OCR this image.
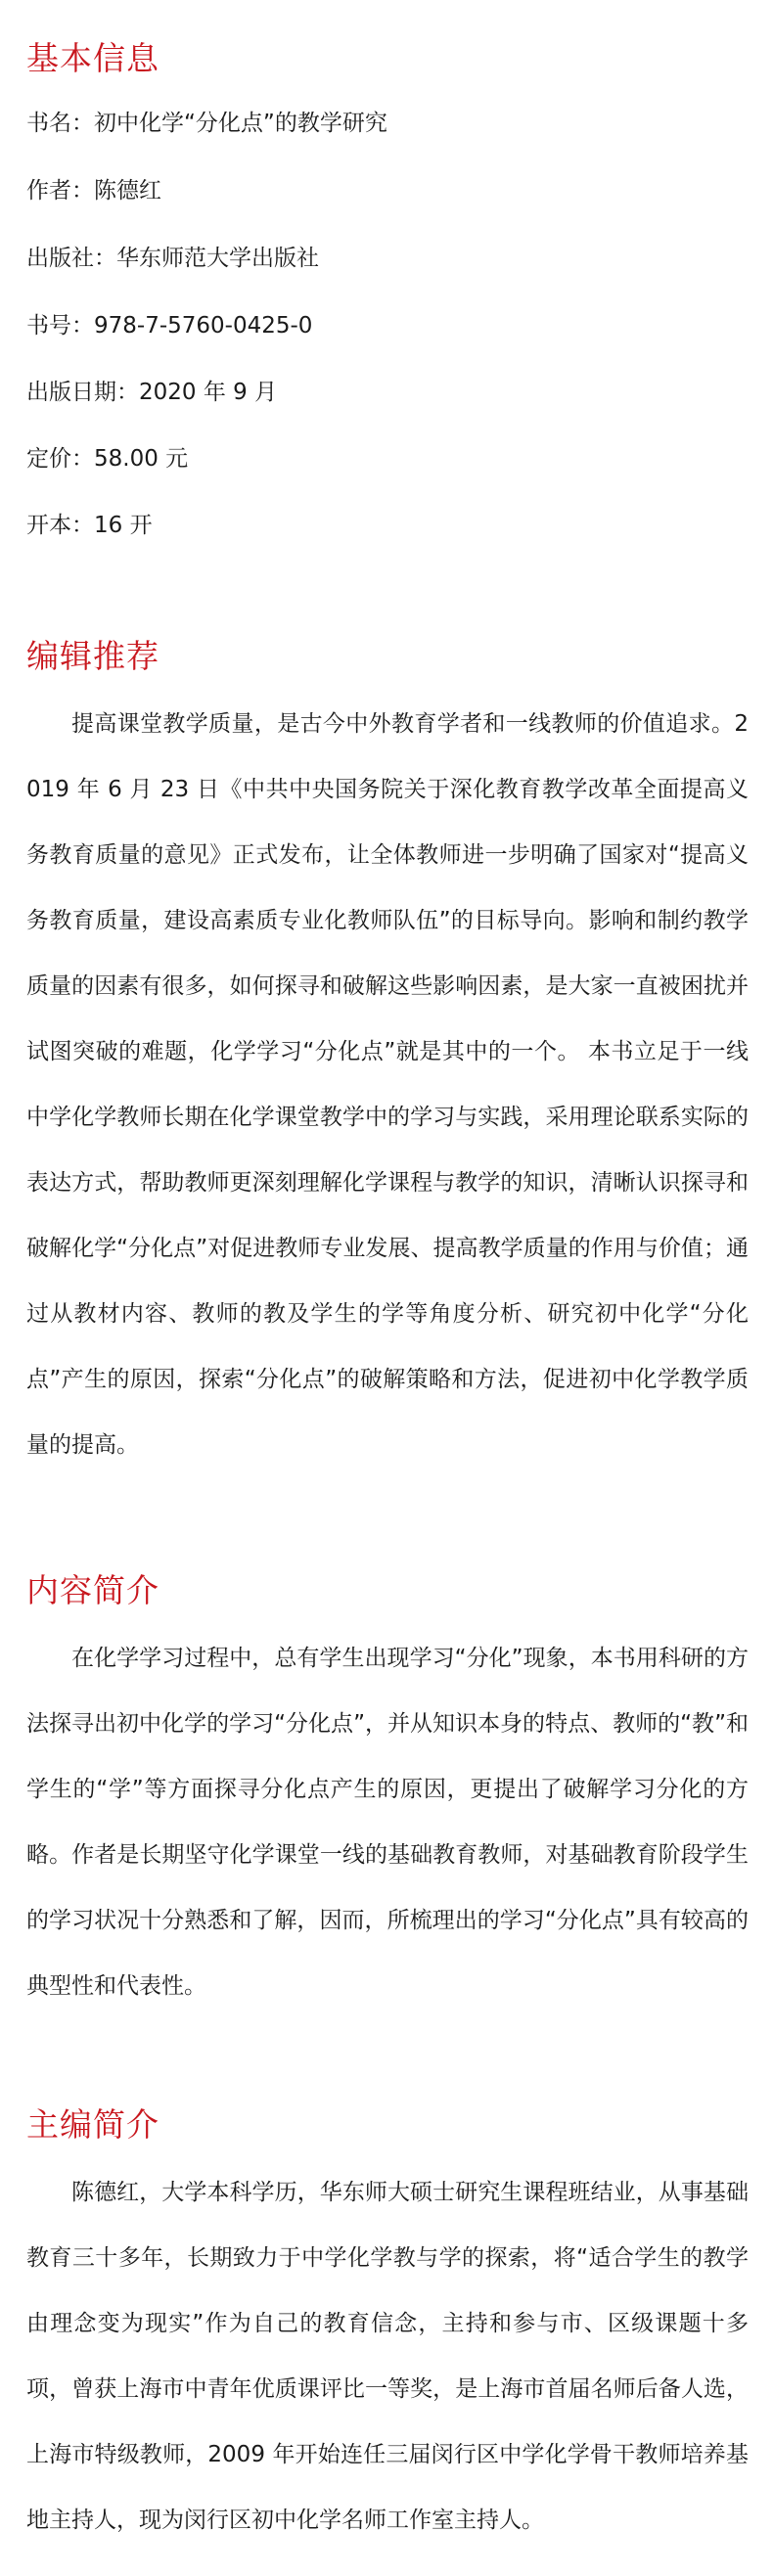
基本信息

书名：初中化学“分化点”的教学研究

作者：陈德红

出版社：华东师范大学出版社

书号：978-7-5760-0425-0

出版日期：2020 年 9 月

定价：58.00 元

开本：16 开

编辑推荐

提高课堂教学质量，是古今中外教育学者和一线教师的价值追求。2019 年 6 月 23 日《中共中央国务院关于深化教育教学改革全面提高义务教育质量的意见》正式发布，让全体教师进一步明确了国家对“提高义务教育质量，建设高素质专业化教师队伍”的目标导向。影响和制约教学质量的因素有很多，如何探寻和破解这些影响因素，是大家一直被困扰并试图突破的难题，化学学习“分化点”就是其中的一个。 本书立足于一线中学化学教师长期在化学课堂教学中的学习与实践，采用理论联系实际的表达方式，帮助教师更深刻理解化学课程与教学的知识，清晰认识探寻和破解化学“分化点”对促进教师专业发展、提高教学质量的作用与价值；通过从教材内容、教师的教及学生的学等角度分析、研究初中化学“分化点”产生的原因，探索“分化点”的破解策略和方法，促进初中化学教学质量的提高。

内容简介

在化学学习过程中，总有学生出现学习“分化”现象，本书用科研的方法探寻出初中化学的学习“分化点”，并从知识本身的特点、教师的“教”和学生的“学”等方面探寻分化点产生的原因，更提出了破解学习分化的方略。作者是长期坚守化学课堂一线的基础教育教师，对基础教育阶段学生的学习状况十分熟悉和了解，因而，所梳理出的学习“分化点”具有较高的典型性和代表性。

主编简介

陈德红，大学本科学历，华东师大硕士研究生课程班结业，从事基础教育三十多年，长期致力于中学化学教与学的探索，将“适合学生的教学由理念变为现实”作为自己的教育信念，主持和参与市、区级课题十多项，曾获上海市中青年优质课评比一等奖，是上海市首届名师后备人选，上海市特级教师，2009 年开始连任三届闵行区中学化学骨干教师培养基地主持人，现为闵行区初中化学名师工作室主持人。
